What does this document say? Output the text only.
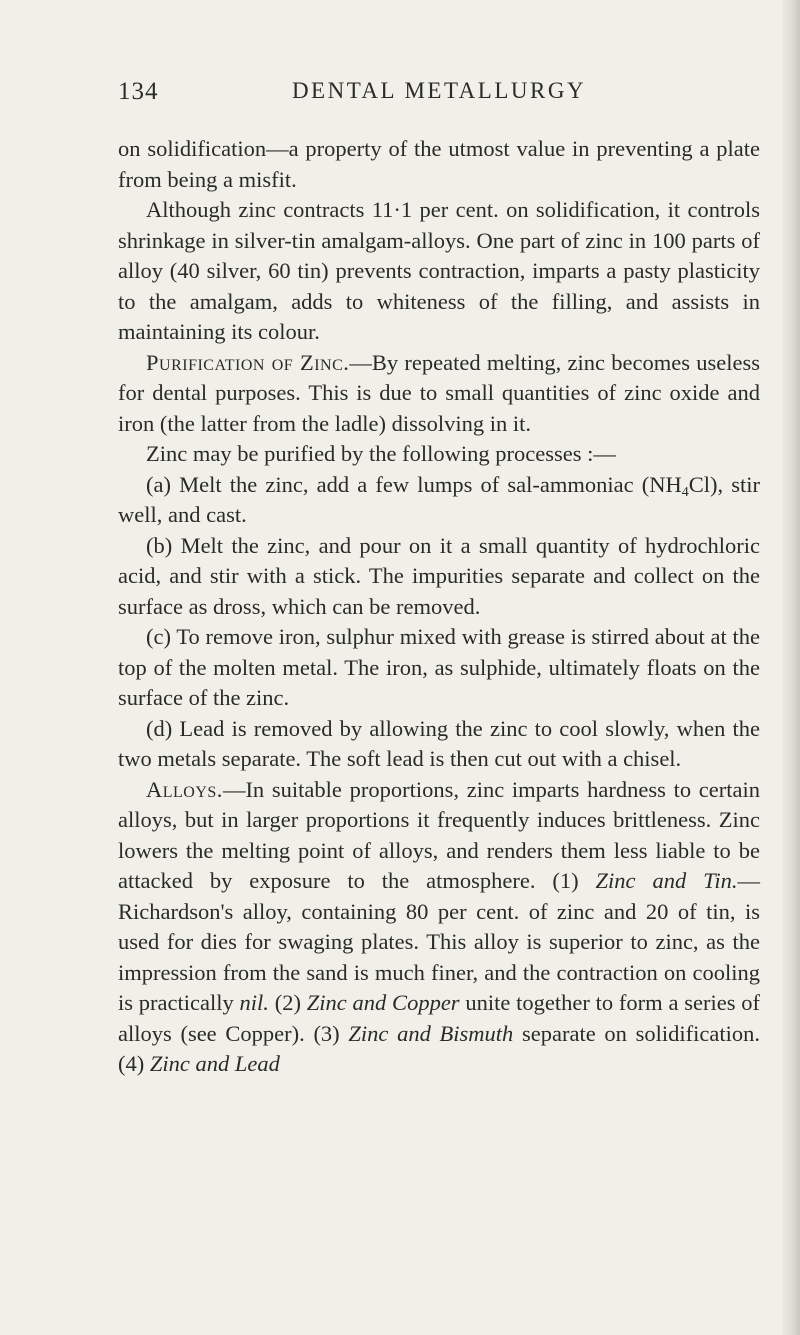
134	DENTAL METALLURGY

on solidification—a property of the utmost value in preventing a plate from being a misfit.

Although zinc contracts 11·1 per cent. on solidification, it controls shrinkage in silver-tin amalgam-alloys. One part of zinc in 100 parts of alloy (40 silver, 60 tin) prevents contraction, imparts a pasty plasticity to the amalgam, adds to whiteness of the filling, and assists in maintaining its colour.

Purification of Zinc.—By repeated melting, zinc becomes useless for dental purposes. This is due to small quantities of zinc oxide and iron (the latter from the ladle) dissolving in it.

Zinc may be purified by the following processes :—

(a) Melt the zinc, add a few lumps of sal-ammoniac $(NH_4Cl)$, stir well, and cast.

(b) Melt the zinc, and pour on it a small quantity of hydrochloric acid, and stir with a stick. The impurities separate and collect on the surface as dross, which can be removed.

(c) To remove iron, sulphur mixed with grease is stirred about at the top of the molten metal. The iron, as sulphide, ultimately floats on the surface of the zinc.

(d) Lead is removed by allowing the zinc to cool slowly, when the two metals separate. The soft lead is then cut out with a chisel.

Alloys.—In suitable proportions, zinc imparts hardness to certain alloys, but in larger proportions it frequently induces brittleness. Zinc lowers the melting point of alloys, and renders them less liable to be attacked by exposure to the atmosphere. (1) Zinc and Tin.—Richardson's alloy, containing 80 per cent. of zinc and 20 of tin, is used for dies for swaging plates. This alloy is superior to zinc, as the impression from the sand is much finer, and the contraction on cooling is practically nil. (2) Zinc and Copper unite together to form a series of alloys (see Copper). (3) Zinc and Bismuth separate on solidification. (4) Zinc and Lead
